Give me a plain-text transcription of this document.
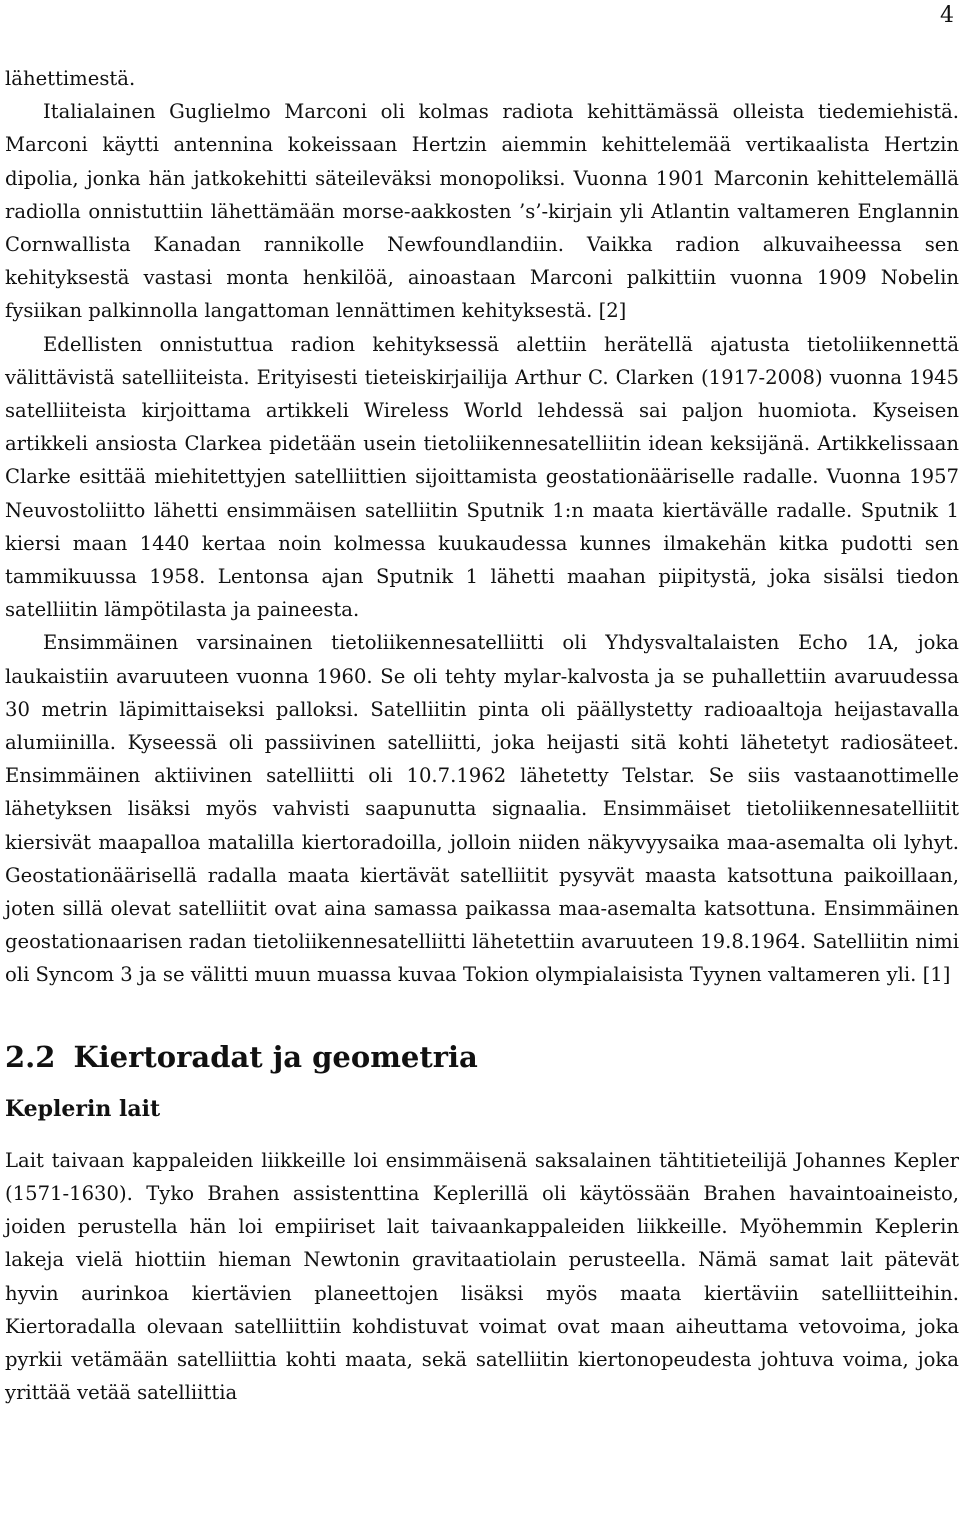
4

lähettimestä.

Italialainen Guglielmo Marconi oli kolmas radiota kehittämässä olleista tiedemiehistä. Marconi käytti antennina kokeissaan Hertzin aiemmin kehittelemää vertikaalista Hertzin dipolia, jonka hän jatkokehitti säteileväksi monopoliksi. Vuonna 1901 Marconin kehittelemällä radiolla onnistuttiin lähettämään morse-aakkosten ’s’-kirjain yli Atlantin valtameren Englannin Cornwallista Kanadan rannikolle Newfoundlandiin. Vaikka radion alkuvaiheessa sen kehityksestä vastasi monta henkilöä, ainoastaan Marconi palkittiin vuonna 1909 Nobelin fysiikan palkinnolla langattoman lennättimen kehityksestä. [2]

Edellisten onnistuttua radion kehityksessä alettiin herätellä ajatusta tietoliikennettä välittävistä satelliiteista. Erityisesti tieteiskirjailija Arthur C. Clarken (1917-2008) vuonna 1945 satelliiteista kirjoittama artikkeli Wireless World lehdessä sai paljon huomiota. Kyseisen artikkeli ansiosta Clarkea pidetään usein tietoliikennesatelliitin idean keksijänä. Artikkelissaan Clarke esittää miehitettyjen satelliittien sijoittamista geostationääriselle radalle. Vuonna 1957 Neuvostoliitto lähetti ensimmäisen satelliitin Sputnik 1:n maata kiertävälle radalle. Sputnik 1 kiersi maan 1440 kertaa noin kolmessa kuukaudessa kunnes ilmakehän kitka pudotti sen tammikuussa 1958. Lentonsa ajan Sputnik 1 lähetti maahan piipitystä, joka sisälsi tiedon satelliitin lämpötilasta ja paineesta.

Ensimmäinen varsinainen tietoliikennesatelliitti oli Yhdysvaltalaisten Echo 1A, joka laukaistiin avaruuteen vuonna 1960. Se oli tehty mylar-kalvosta ja se puhallettiin avaruudessa 30 metrin läpimittaiseksi palloksi. Satelliitin pinta oli päällystetty radioaaltoja heijastavalla alumiinilla. Kyseessä oli passiivinen satelliitti, joka heijasti sitä kohti lähetetyt radiosäteet. Ensimmäinen aktiivinen satelliitti oli 10.7.1962 lähetetty Telstar. Se siis vastaanottimelle lähetyksen lisäksi myös vahvisti saapunutta signaalia. Ensimmäiset tietoliikennesatelliitit kiersivät maapalloa matalilla kiertoradoilla, jolloin niiden näkyvyysaika maa-asemalta oli lyhyt. Geostationäärisellä radalla maata kiertävät satelliitit pysyvät maasta katsottuna paikoillaan, joten sillä olevat satelliitit ovat aina samassa paikassa maa-asemalta katsottuna. Ensimmäinen geostationaarisen radan tietoliikennesatelliitti lähetettiin avaruuteen 19.8.1964. Satelliitin nimi oli Syncom 3 ja se välitti muun muassa kuvaa Tokion olympialaisista Tyynen valtameren yli. [1]

2.2 Kiertoradat ja geometria
Keplerin lait

Lait taivaan kappaleiden liikkeille loi ensimmäisenä saksalainen tähtitieteilijä Johannes Kepler (1571-1630). Tyko Brahen assistenttina Keplerillä oli käytössään Brahen havaintoaineisto, joiden perustella hän loi empiiriset lait taivaankappaleiden liikkeille. Myöhemmin Keplerin lakeja vielä hiottiin hieman Newtonin gravitaatiolain perusteella. Nämä samat lait pätevät hyvin aurinkoa kiertävien planeettojen lisäksi myös maata kiertäviin satelliitteihin. Kiertoradalla olevaan satelliittiin kohdistuvat voimat ovat maan aiheuttama vetovoima, joka pyrkii vetämään satelliittia kohti maata, sekä satelliitin kiertonopeudesta johtuva voima, joka yrittää vetää satelliittia
